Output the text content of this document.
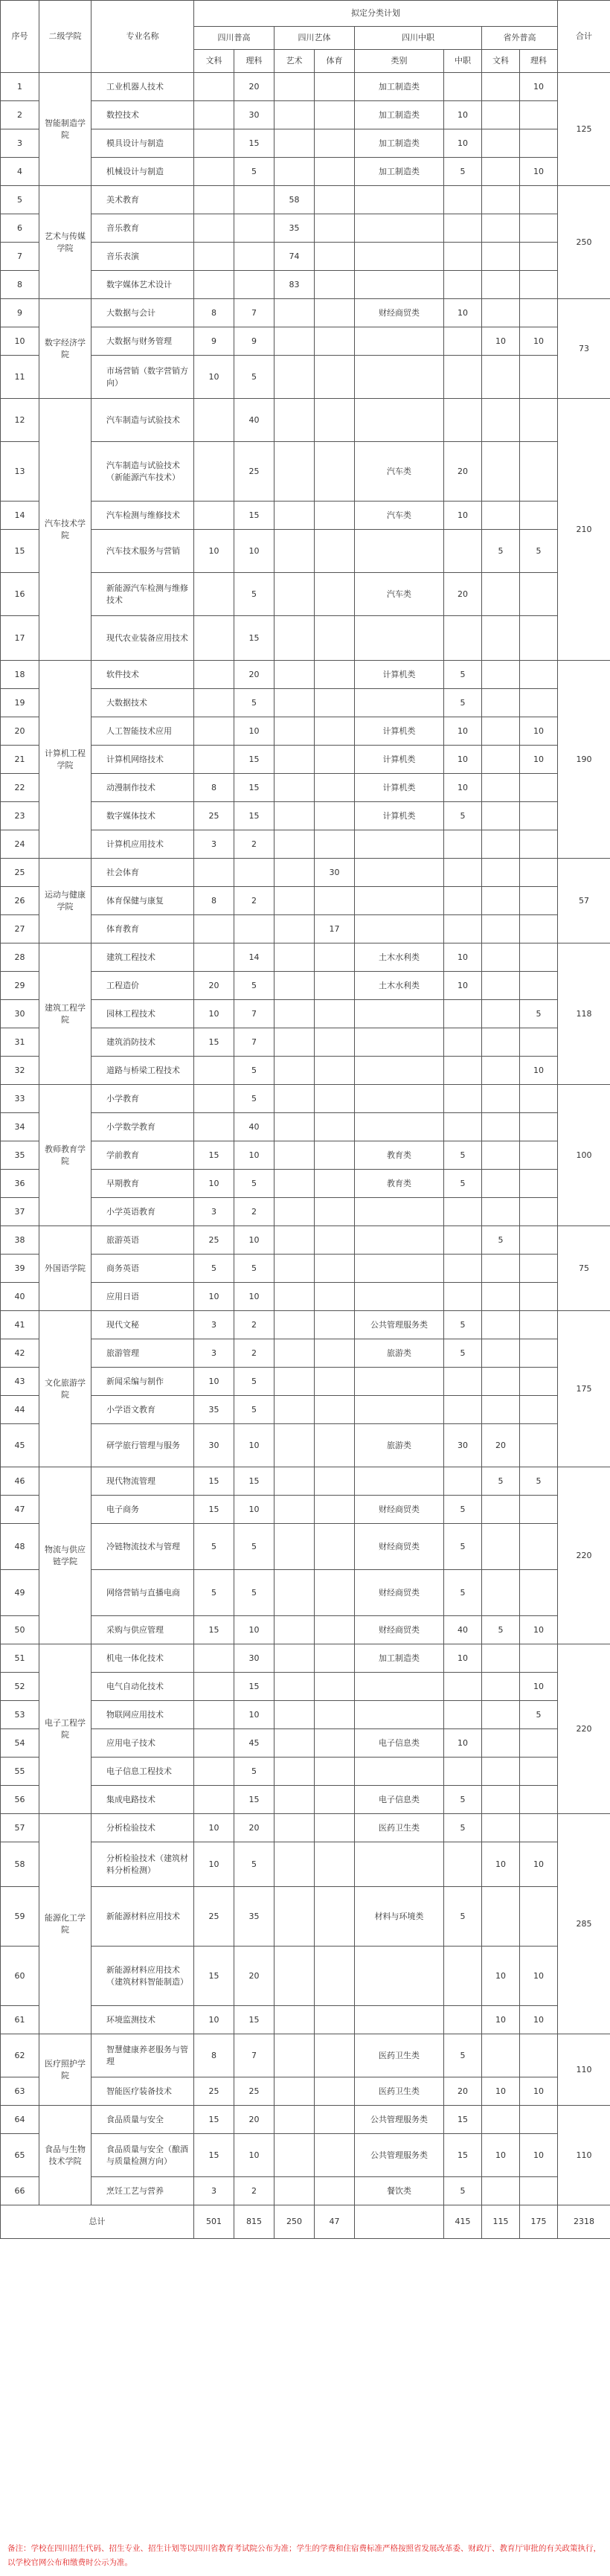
序号	二级学院	专业名称	拟定分类计划								合计
			四川普高		四川艺体		四川中职		省外普高		
			文科	理科	艺术	体育	类别	中职	文科	理科	
1	智能制造学院	工业机器人技术		20			加工制造类			10	125
2		数控技术		30			加工制造类	10			
3		模具设计与制造		15			加工制造类	10			
4		机械设计与制造		5			加工制造类	5		10	
5	艺术与传媒学院	美术教育			58						250
6		音乐教育			35						
7		音乐表演			74						
8		数字媒体艺术设计			83						
9	数字经济学院	大数据与会计	8	7			财经商贸类	10			73
10		大数据与财务管理	9	9					10	10	
11		市场营销（数字营销方向）	10	5							
12	汽车技术学院	汽车制造与试验技术		40							210
13		汽车制造与试验技术（新能源汽车技术）		25			汽车类	20			
14		汽车检测与维修技术		15			汽车类	10			
15		汽车技术服务与营销	10	10					5	5	
16		新能源汽车检测与维修技术		5			汽车类	20			
17		现代农业装备应用技术		15							
18	计算机工程学院	软件技术		20			计算机类	5			190
19		大数据技术		5				5			
20		人工智能技术应用		10			计算机类	10		10	
21		计算机网络技术		15			计算机类	10		10	
22		动漫制作技术	8	15			计算机类	10			
23		数字媒体技术	25	15			计算机类	5			
24		计算机应用技术	3	2							
25	运动与健康学院	社会体育				30					57
26		体育保健与康复	8	2							
27		体育教育				17					
28	建筑工程学院	建筑工程技术		14			土木水利类	10			118
29		工程造价	20	5			土木水利类	10			
30		园林工程技术	10	7						5	
31		建筑消防技术	15	7							
32		道路与桥梁工程技术		5						10	
33	教师教育学院	小学教育		5							100
34		小学数学教育		40							
35		学前教育	15	10			教育类	5			
36		早期教育	10	5			教育类	5			
37		小学英语教育	3	2							
38	外国语学院	旅游英语	25	10					5		75
39		商务英语	5	5							
40		应用日语	10	10							
41	文化旅游学院	现代文秘	3	2			公共管理服务类	5			175
42		旅游管理	3	2			旅游类	5			
43		新闻采编与制作	10	5							
44		小学语文教育	35	5							
45		研学旅行管理与服务	30	10			旅游类	30	20		
46	物流与供应链学院	现代物流管理	15	15					5	5	220
47		电子商务	15	10			财经商贸类	5			
48		冷链物流技术与管理	5	5			财经商贸类	5			
49		网络营销与直播电商	5	5			财经商贸类	5			
50		采购与供应管理	15	10			财经商贸类	40	5	10	
51	电子工程学院	机电一体化技术		30			加工制造类	10			220
52		电气自动化技术		15						10	
53		物联网应用技术		10						5	
54		应用电子技术		45			电子信息类	10			
55		电子信息工程技术		5							
56		集成电路技术		15			电子信息类	5			
57	能源化工学院	分析检验技术	10	20			医药卫生类	5			285
58		分析检验技术（建筑材料分析检测）	10	5					10	10	
59		新能源材料应用技术	25	35			材料与环境类	5			
60		新能源材料应用技术（建筑材料智能制造）	15	20					10	10	
61		环境监测技术	10	15					10	10	
62	医疗照护学院	智慧健康养老服务与管理	8	7			医药卫生类	5			110
63		智能医疗装备技术	25	25			医药卫生类	20	10	10	
64	食品与生物技术学院	食品质量与安全	15	20			公共管理服务类	15			110
65		食品质量与安全（酿酒与质量检测方向）	15	10			公共管理服务类	15	10	10	
66		烹饪工艺与营养	3	2			餐饮类	5			
总计			501	815	250	47		415	115	175	2318
备注：学校在四川招生代码、招生专业、招生计划等以四川省教育考试院公布为准；学生的学费和住宿费标准严格按照省发展改革委、财政厅、教育厅审批的有关政策执行，以学校官网公布和缴费时公示为准。
